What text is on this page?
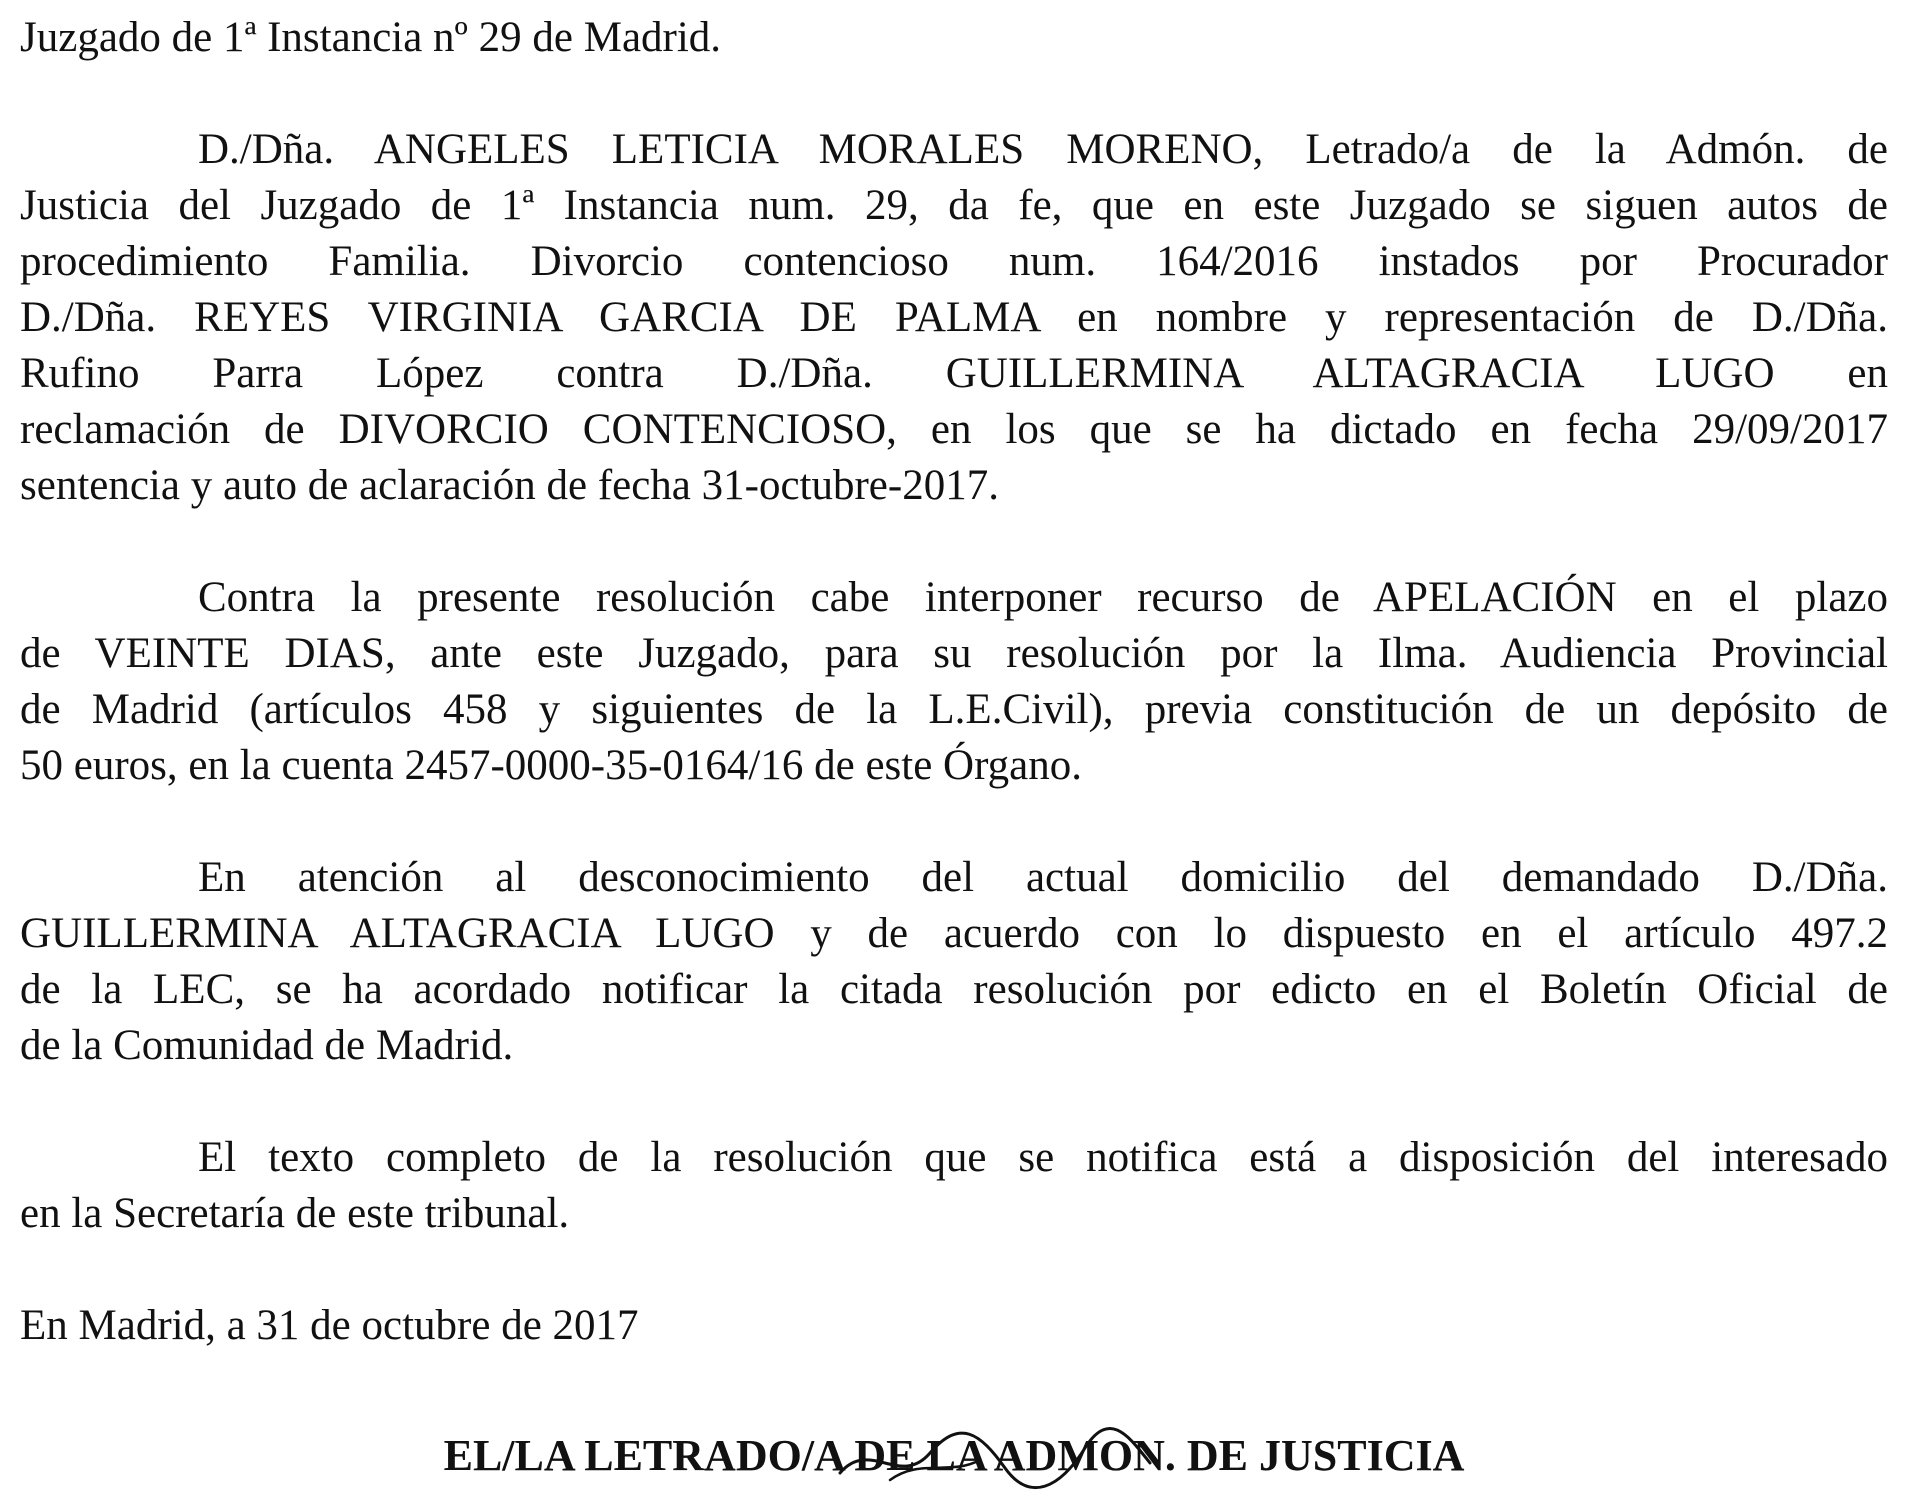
Juzgado de 1ª Instancia nº 29 de Madrid.
D./Dña. ANGELES LETICIA MORALES MORENO, Letrado/a de la Admón. de
Justicia del Juzgado de 1ª Instancia num. 29, da fe, que en este Juzgado se siguen autos de
procedimiento Familia. Divorcio contencioso num. 164/2016 instados por Procurador
D./Dña. REYES VIRGINIA GARCIA DE PALMA en nombre y representación de D./Dña.
Rufino Parra López contra D./Dña. GUILLERMINA ALTAGRACIA LUGO en
reclamación de DIVORCIO CONTENCIOSO, en los que se ha dictado en fecha 29/09/2017
sentencia y auto de aclaración de fecha 31-octubre-2017.
Contra la presente resolución cabe interponer recurso de APELACIÓN en el plazo
de VEINTE DIAS, ante este Juzgado, para su resolución por la Ilma. Audiencia Provincial
de Madrid (artículos 458 y siguientes de la L.E.Civil), previa constitución de un depósito de
50 euros, en la cuenta 2457-0000-35-0164/16 de este Órgano.
En atención al desconocimiento del actual domicilio del demandado D./Dña.
GUILLERMINA ALTAGRACIA LUGO y de acuerdo con lo dispuesto en el artículo 497.2
de la LEC, se ha acordado notificar la citada resolución por edicto en el Boletín Oficial de
de la Comunidad de Madrid.
El texto completo de la resolución que se notifica está a disposición del interesado
en la Secretaría de este tribunal.
En Madrid, a 31 de octubre de 2017
EL/LA LETRADO/A DE LA ADMON. DE JUSTICIA
